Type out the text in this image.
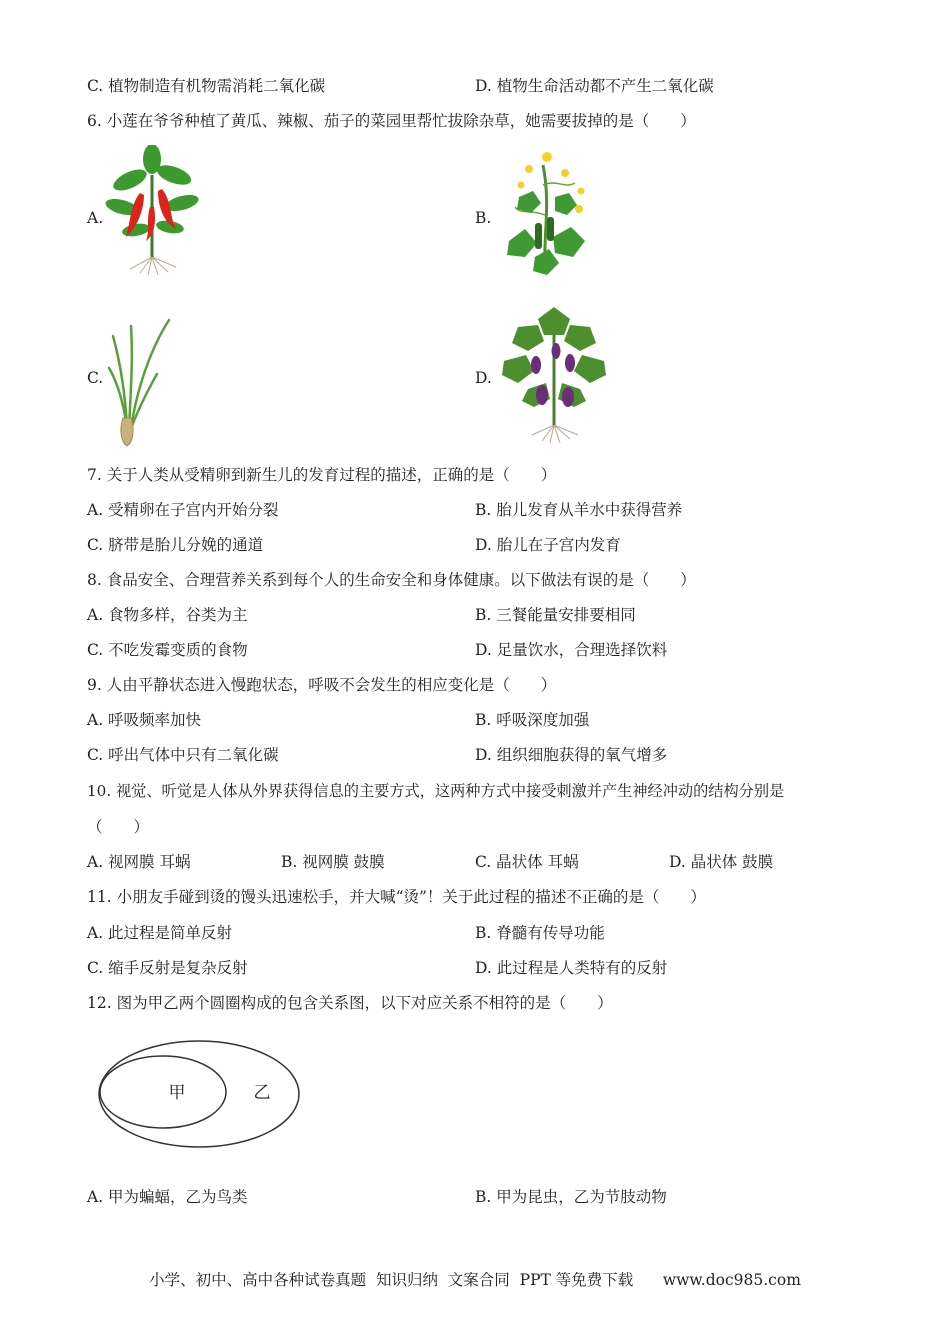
C. 植物制造有机物需消耗二氧化碳	D. 植物生命活动都不产生二氧化碳
6. 小莲在爷爷种植了黄瓜、辣椒、茄子的菜园里帮忙拔除杂草，她需要拔掉的是（　　）
A.	B.
C.	D.
7. 关于人类从受精卵到新生儿的发育过程的描述，正确的是（　　）
A. 受精卵在子宫内开始分裂	B. 胎儿发育从羊水中获得营养
C. 脐带是胎儿分娩的通道	D. 胎儿在子宫内发育
8. 食品安全、合理营养关系到每个人的生命安全和身体健康。以下做法有误的是（　　）
A. 食物多样，谷类为主	B. 三餐能量安排要相同
C. 不吃发霉变质的食物	D. 足量饮水，合理选择饮料
9. 人由平静状态进入慢跑状态，呼吸不会发生的相应变化是（　　）
A. 呼吸频率加快	B. 呼吸深度加强
C. 呼出气体中只有二氧化碳	D. 组织细胞获得的氧气增多
10. 视觉、听觉是人体从外界获得信息的主要方式，这两种方式中接受刺激并产生神经冲动的结构分别是
（　　）
A. 视网膜 耳蜗	B. 视网膜 鼓膜	C. 晶状体 耳蜗	D. 晶状体 鼓膜
11. 小朋友手碰到烫的馒头迅速松手，并大喊“烫”！关于此过程的描述不正确的是（　　）
A. 此过程是简单反射	B. 脊髓有传导功能
C. 缩手反射是复杂反射	D. 此过程是人类特有的反射
12. 图为甲乙两个圆圈构成的包含关系图，以下对应关系不相符的是（　　）
甲	乙
A. 甲为蝙蝠，乙为鸟类	B. 甲为昆虫，乙为节肢动物
小学、初中、高中各种试卷真题  知识归纳  文案合同  PPT 等免费下载      www.doc985.com
